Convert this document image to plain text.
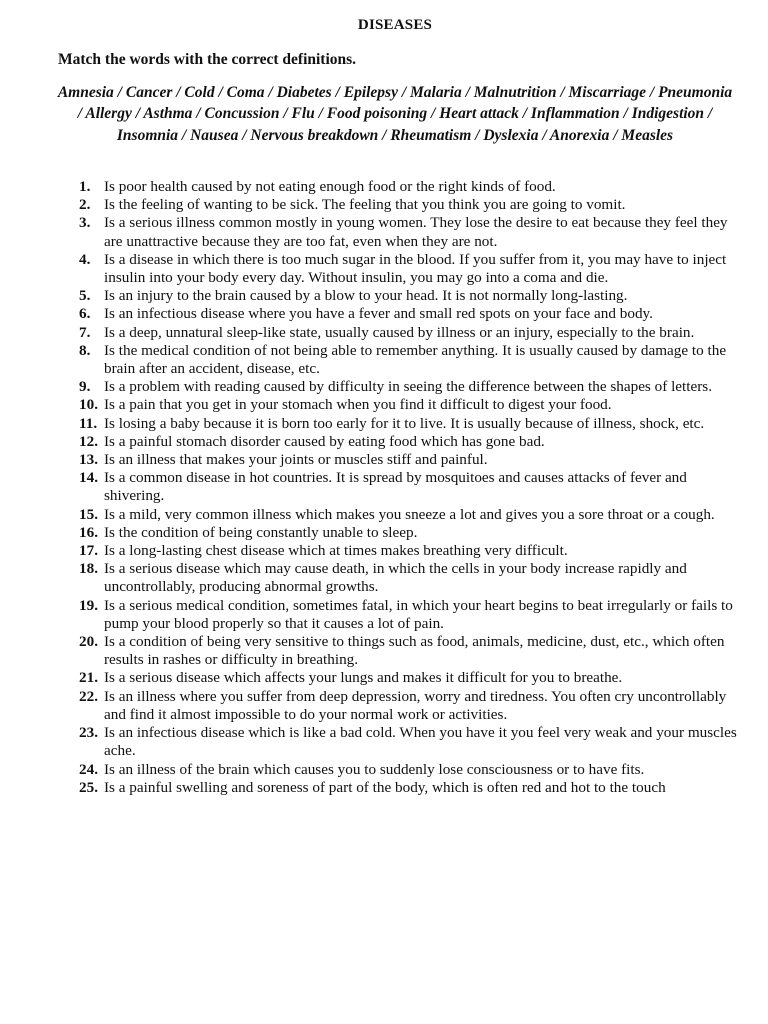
DISEASES
Match the words with the correct definitions.
Amnesia / Cancer / Cold / Coma / Diabetes / Epilepsy / Malaria / Malnutrition / Miscarriage / Pneumonia / Allergy / Asthma / Concussion / Flu / Food poisoning / Heart attack / Inflammation / Indigestion / Insomnia / Nausea / Nervous breakdown / Rheumatism / Dyslexia / Anorexia / Measles
1. Is poor health caused by not eating enough food or the right kinds of food.
2. Is the feeling of wanting to be sick. The feeling that you think you are going to vomit.
3. Is a serious illness common mostly in young women. They lose the desire to eat because they feel they are unattractive because they are too fat, even when they are not.
4. Is a disease in which there is too much sugar in the blood. If you suffer from it, you may have to inject insulin into your body every day. Without insulin, you may go into a coma and die.
5. Is an injury to the brain caused by a blow to your head. It is not normally long-lasting.
6. Is an infectious disease where you have a fever and small red spots on your face and body.
7. Is a deep, unnatural sleep-like state, usually caused by illness or an injury, especially to the brain.
8. Is the medical condition of not being able to remember anything. It is usually caused by damage to the brain after an accident, disease, etc.
9. Is a problem with reading caused by difficulty in seeing the difference between the shapes of letters.
10. Is a pain that you get in your stomach when you find it difficult to digest your food.
11. Is losing a baby because it is born too early for it to live. It is usually because of illness, shock, etc.
12. Is a painful stomach disorder caused by eating food which has gone bad.
13. Is an illness that makes your joints or muscles stiff and painful.
14. Is a common disease in hot countries. It is spread by mosquitoes and causes attacks of fever and shivering.
15. Is a mild, very common illness which makes you sneeze a lot and gives you a sore throat or a cough.
16. Is the condition of being constantly unable to sleep.
17. Is a long-lasting chest disease which at times makes breathing very difficult.
18. Is a serious disease which may cause death, in which the cells in your body increase rapidly and uncontrollably, producing abnormal growths.
19. Is a serious medical condition, sometimes fatal, in which your heart begins to beat irregularly or fails to pump your blood properly so that it causes a lot of pain.
20. Is a condition of being very sensitive to things such as food, animals, medicine, dust, etc., which often results in rashes or difficulty in breathing.
21. Is a serious disease which affects your lungs and makes it difficult for you to breathe.
22. Is an illness where you suffer from deep depression, worry and tiredness. You often cry uncontrollably and find it almost impossible to do your normal work or activities.
23. Is an infectious disease which is like a bad cold. When you have it you feel very weak and your muscles ache.
24. Is an illness of the brain which causes you to suddenly lose consciousness or to have fits.
25. Is a painful swelling and soreness of part of the body, which is often red and hot to the touch
